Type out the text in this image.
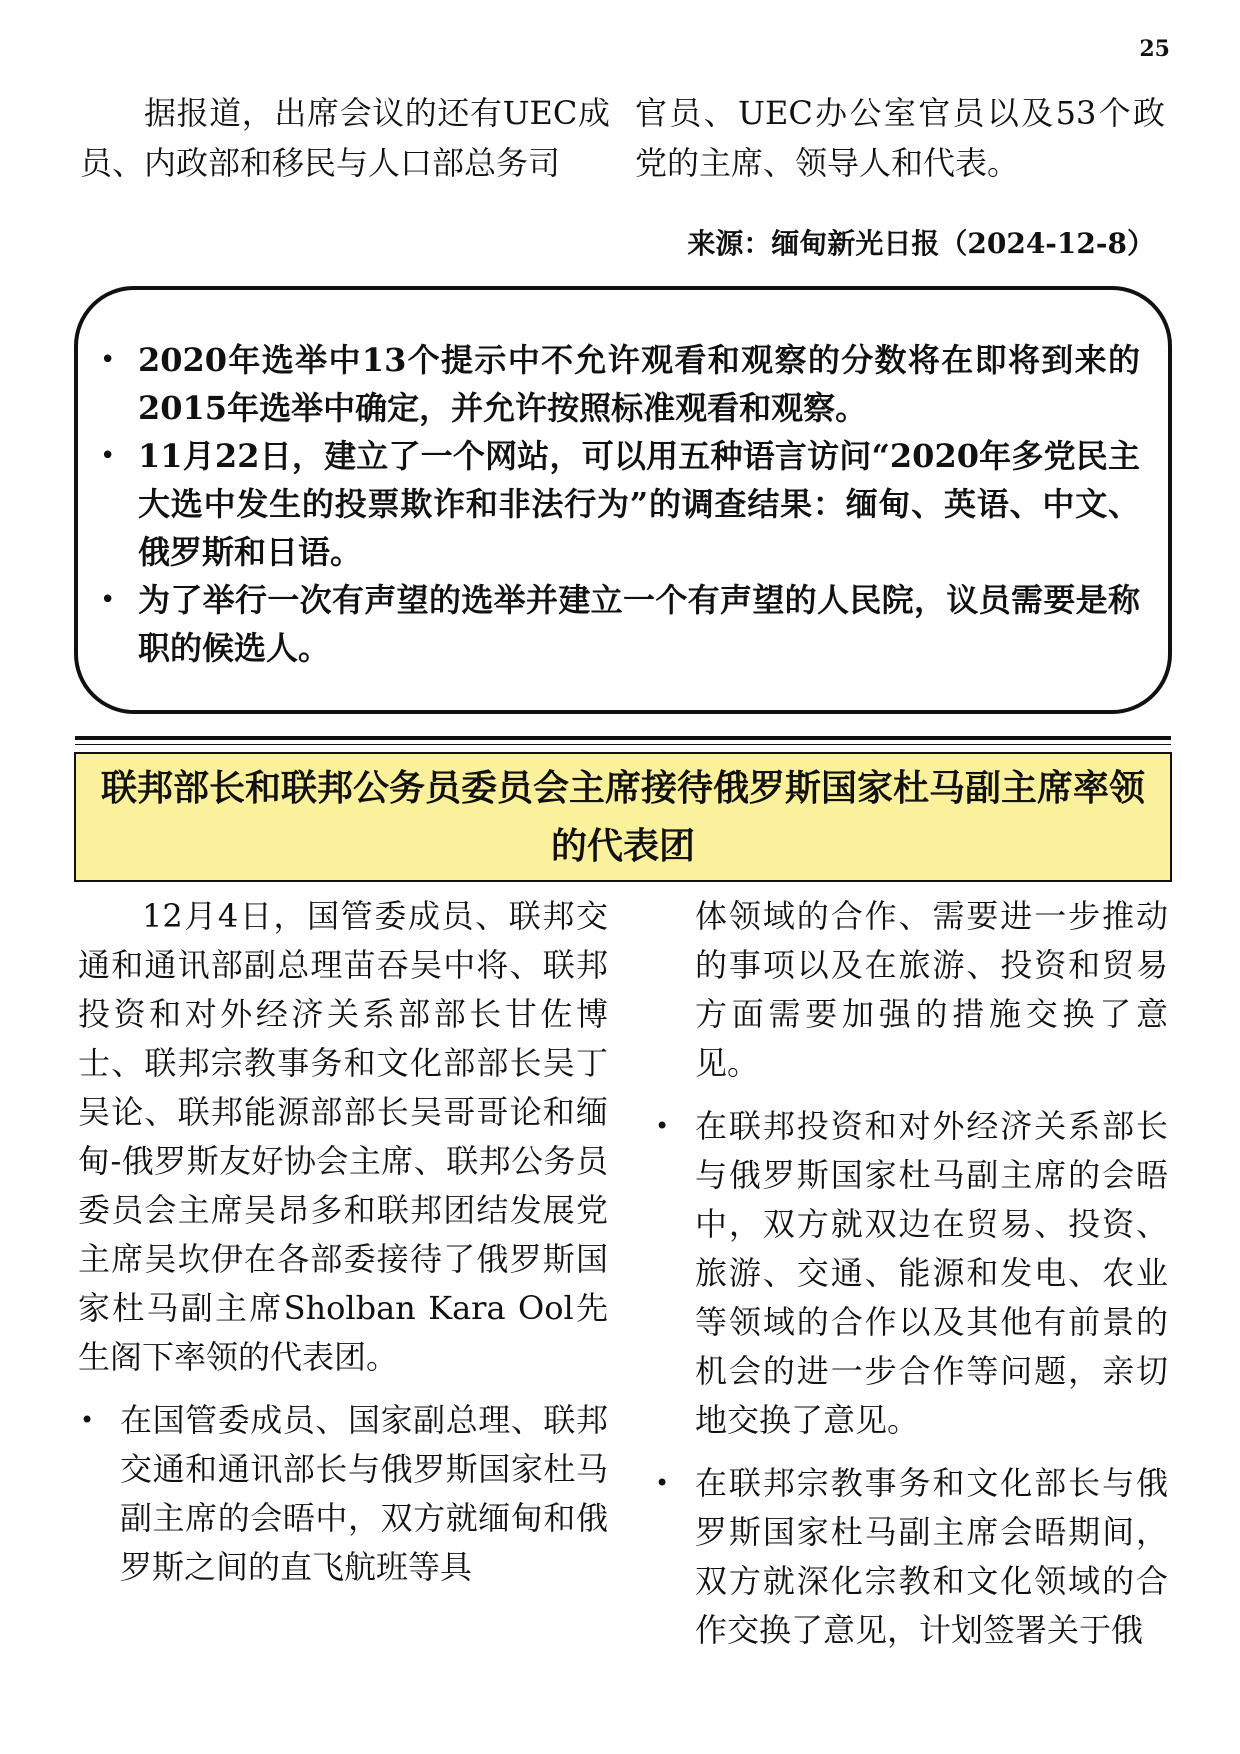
25

据报道，出席会议的还有UEC成员、内政部和移民与人口部总务司

官员、UEC办公室官员以及53个政党的主席、领导人和代表。

来源：缅甸新光日报（2024-12-8）
• 2020年选举中13个提示中不允许观看和观察的分数将在即将到来的2015年选举中确定，并允许按照标准观看和观察。
• 11月22日，建立了一个网站，可以用五种语言访问“2020年多党民主大选中发生的投票欺诈和非法行为”的调查结果：缅甸、英语、中文、俄罗斯和日语。
• 为了举行一次有声望的选举并建立一个有声望的人民院，议员需要是称职的候选人。
联邦部长和联邦公务员委员会主席接待俄罗斯国家杜马副主席率领的代表团

12月4日，国管委成员、联邦交通和通讯部副总理苗吞吴中将、联邦投资和对外经济关系部部长甘佐博士、联邦宗教事务和文化部部长吴丁吴论、联邦能源部部长吴哥哥论和缅甸-俄罗斯友好协会主席、联邦公务员委员会主席吴昂多和联邦团结发展党主席吴坎伊在各部委接待了俄罗斯国家杜马副主席Sholban Kara Ool先生阁下率领的代表团。

• 在国管委成员、国家副总理、联邦交通和通讯部长与俄罗斯国家杜马副主席的会晤中，双方就缅甸和俄罗斯之间的直飞航班等具

体领域的合作、需要进一步推动的事项以及在旅游、投资和贸易方面需要加强的措施交换了意见。

• 在联邦投资和对外经济关系部长与俄罗斯国家杜马副主席的会晤中，双方就双边在贸易、投资、旅游、交通、能源和发电、农业等领域的合作以及其他有前景的机会的进一步合作等问题，亲切地交换了意见。
• 在联邦宗教事务和文化部长与俄罗斯国家杜马副主席会晤期间，双方就深化宗教和文化领域的合作交换了意见，计划签署关于俄
